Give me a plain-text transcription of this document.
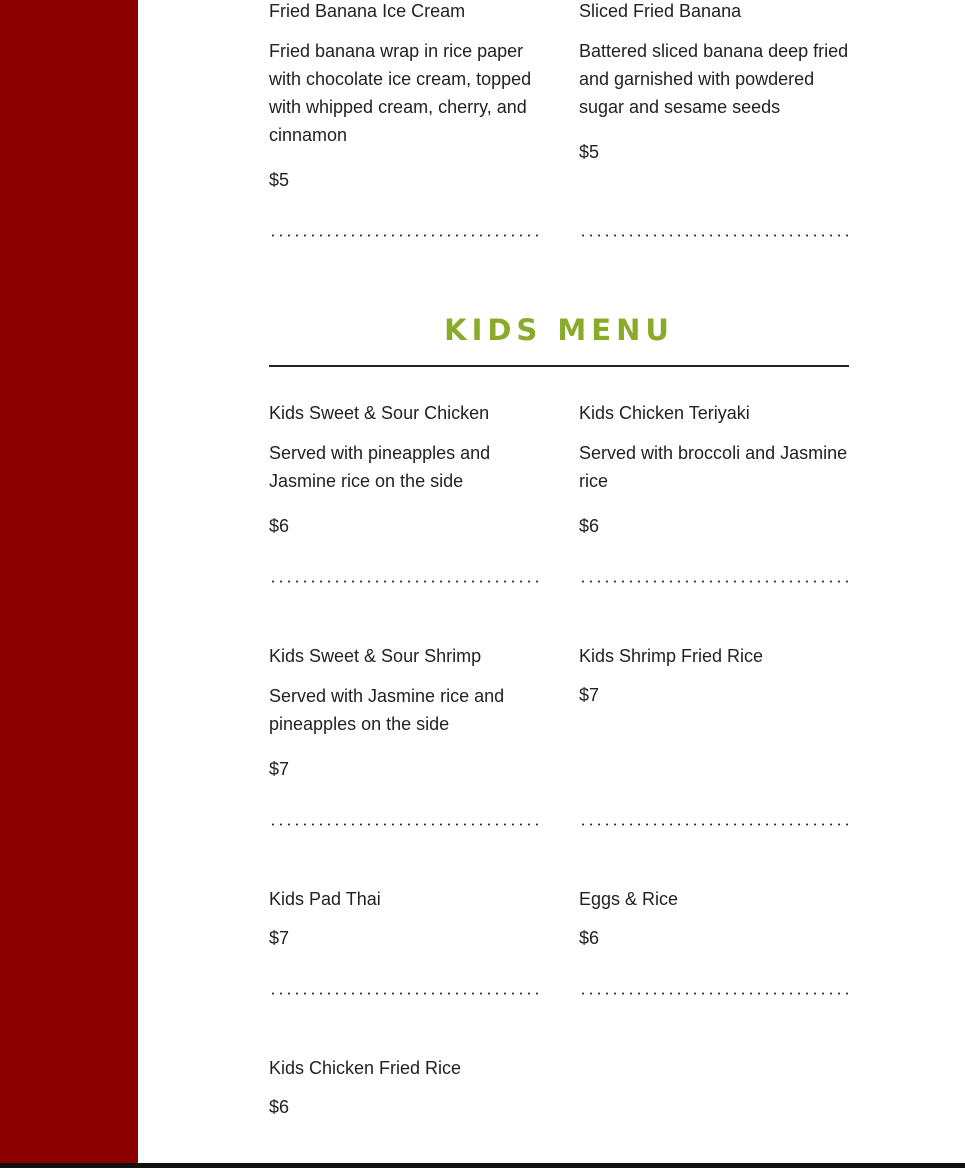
Fried Banana Ice Cream
Fried banana wrap in rice paper with chocolate ice cream, topped with whipped cream, cherry, and cinnamon
$5
Sliced Fried Banana
Battered sliced banana deep fried and garnished with powdered sugar and sesame seeds
$5
KIDS MENU
Kids Sweet & Sour Chicken
Served with pineapples and Jasmine rice on the side
$6
Kids Chicken Teriyaki
Served with broccoli and Jasmine rice
$6
Kids Sweet & Sour Shrimp
Served with Jasmine rice and pineapples on the side
$7
Kids Shrimp Fried Rice
$7
Kids Pad Thai
$7
Eggs & Rice
$6
Kids Chicken Fried Rice
$6
